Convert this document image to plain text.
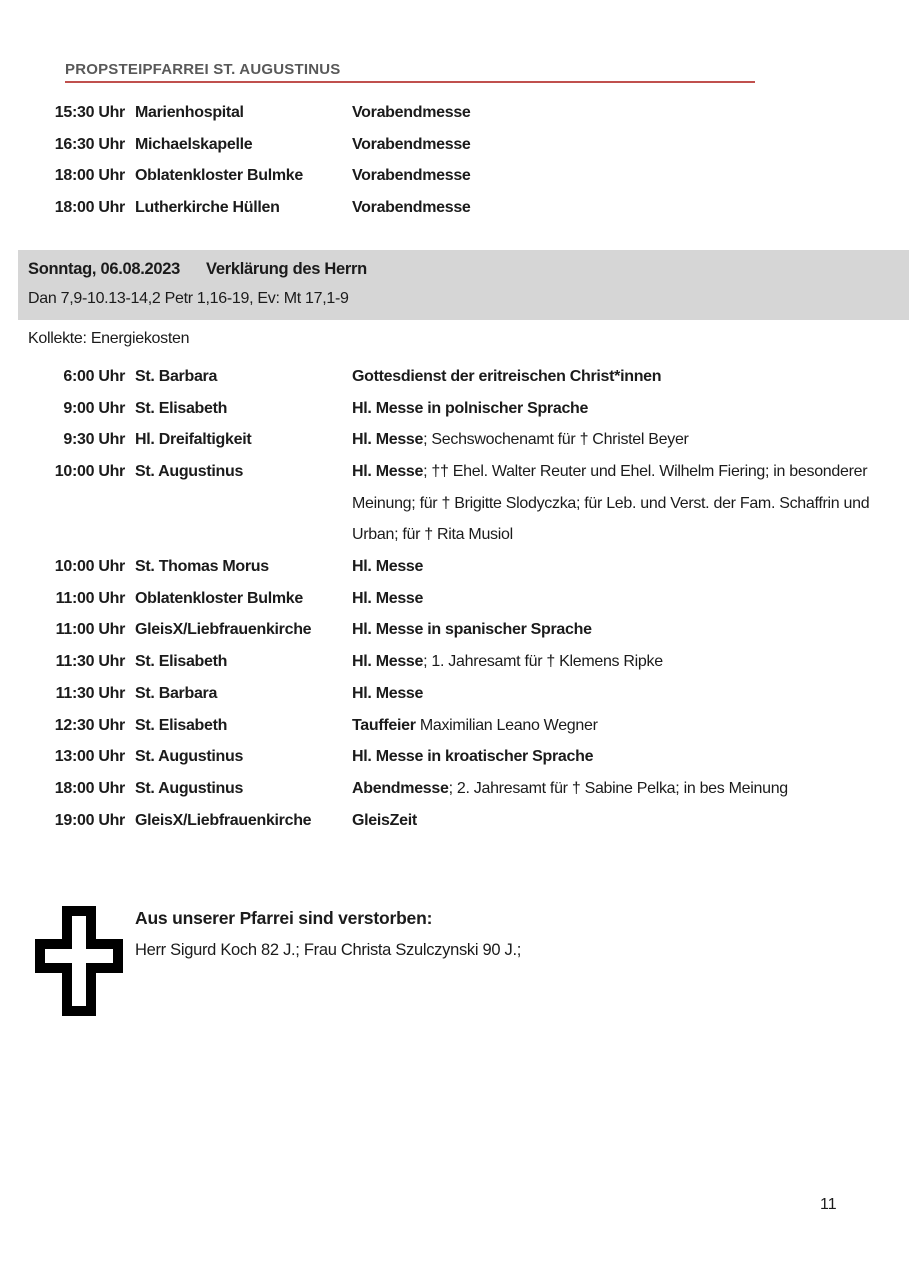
PROPSTEIPFARREI ST. AUGUSTINUS
15:30 Uhr Marienhospital	Vorabendmesse
16:30 Uhr Michaelskapelle	Vorabendmesse
18:00 Uhr Oblatenkloster Bulmke	Vorabendmesse
18:00 Uhr Lutherkirche Hüllen	Vorabendmesse
Sonntag, 06.08.2023 Verklärung des Herrn
Dan 7,9-10.13-14,2 Petr 1,16-19, Ev: Mt 17,1-9
Kollekte: Energiekosten
6:00 Uhr St. Barbara	Gottesdienst der eritreischen Christ*innen
9:00 Uhr St. Elisabeth	Hl. Messe in polnischer Sprache
9:30 Uhr Hl. Dreifaltigkeit	Hl. Messe; Sechswochenamt für † Christel Beyer
10:00 Uhr St. Augustinus	Hl. Messe; †† Ehel. Walter Reuter und Ehel. Wilhelm Fiering; in besonderer Meinung; für † Brigitte Slodyczka; für Leb. und Verst. der Fam. Schaffrin und Urban; für † Rita Musiol
10:00 Uhr St. Thomas Morus	Hl. Messe
11:00 Uhr Oblatenkloster Bulmke	Hl. Messe
11:00 Uhr GleisX/Liebfrauenkirche	Hl. Messe in spanischer Sprache
11:30 Uhr St. Elisabeth	Hl. Messe; 1. Jahresamt für † Klemens Ripke
11:30 Uhr St. Barbara	Hl. Messe
12:30 Uhr St. Elisabeth	Tauffeier Maximilian Leano Wegner
13:00 Uhr St. Augustinus	Hl. Messe in kroatischer Sprache
18:00 Uhr St. Augustinus	Abendmesse; 2. Jahresamt für † Sabine Pelka; in bes Meinung
19:00 Uhr GleisX/Liebfrauenkirche	GleisZeit
Aus unserer Pfarrei sind verstorben:
Herr Sigurd Koch 82 J.; Frau Christa Szulczynski 90 J.;
11
